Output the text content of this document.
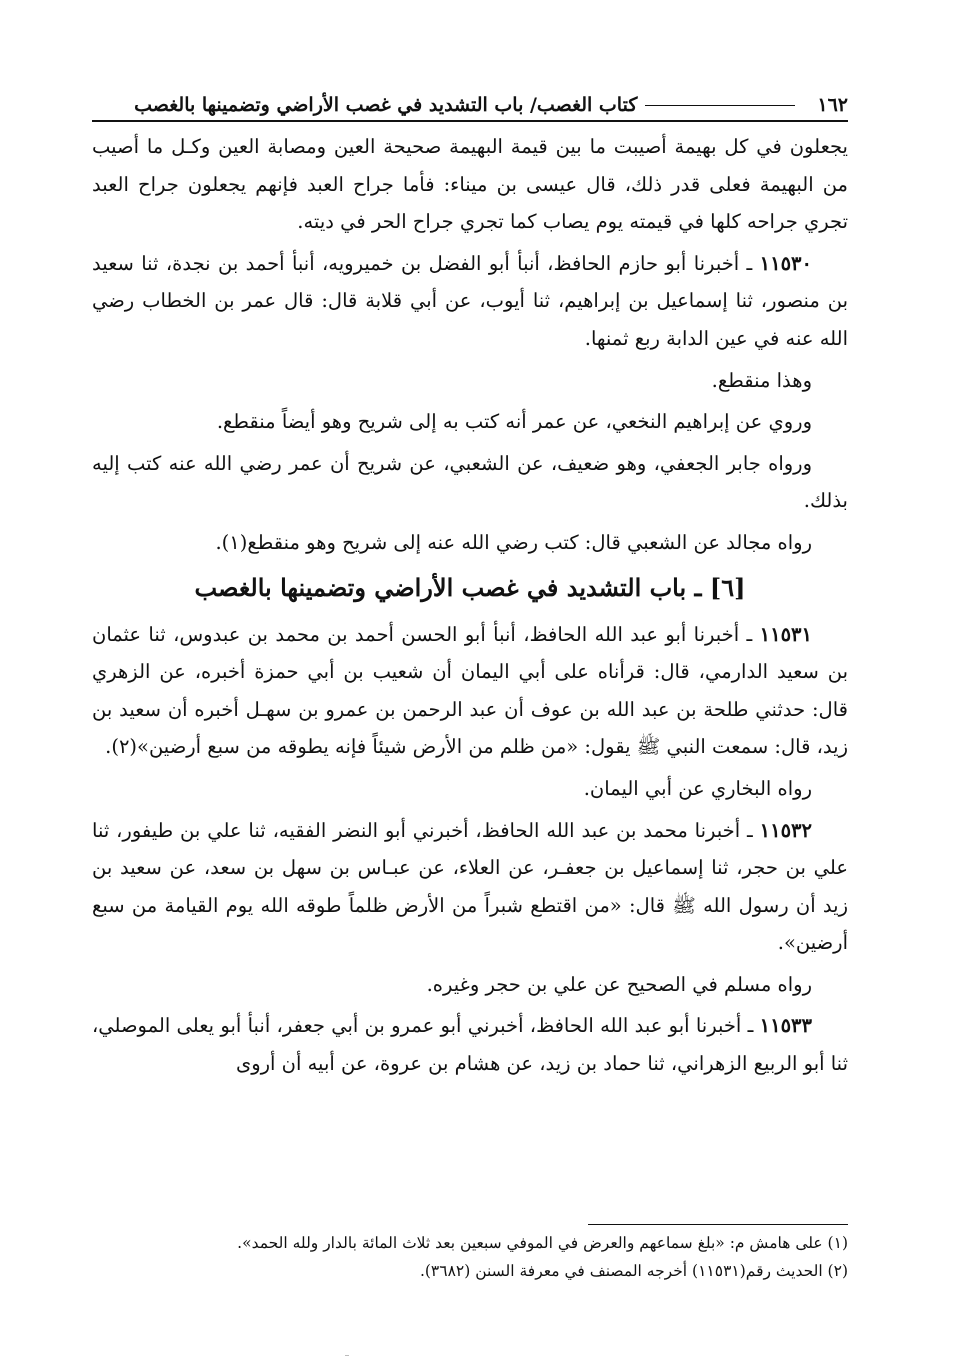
١٦٢
كتاب الغصب/ باب التشديد في غصب الأراضي وتضمينها بالغصب

يجعلون في كل بهيمة أصيبت ما بين قيمة البهيمة صحيحة العين ومصابة العين وكـل ما أصيب من البهيمة فعلى قدر ذلك، قال عيسى بن ميناء: فأما جراح العبد فإنهم يجعلون جراح العبد تجري جراحه كلها في قيمته يوم يصاب كما تجري جراح الحر في ديته.

١١٥٣٠ ـ أخبرنا أبو حازم الحافظ، أنبأ أبو الفضل بن خميرويه، أنبأ أحمد بن نجدة، ثنا سعيد بن منصور، ثنا إسماعيل بن إبراهيم، ثنا أيوب، عن أبي قلابة قال: قال عمر بن الخطاب رضي الله عنه في عين الدابة ربع ثمنها.

وهذا منقطع.

وروي عن إبراهيم النخعي، عن عمر أنه كتب به إلى شريح وهو أيضاً منقطع.

ورواه جابر الجعفي، وهو ضعيف، عن الشعبي، عن شريح أن عمر رضي الله عنه كتب إليه بذلك.

رواه مجالد عن الشعبي قال: كتب رضي الله عنه إلى شريح وهو منقطع(١).

[٦] ـ باب التشديد في غصب الأراضي وتضمينها بالغصب

١١٥٣١ ـ أخبرنا أبو عبد الله الحافظ، أنبأ أبو الحسن أحمد بن محمد بن عبدوس، ثنا عثمان بن سعيد الدارمي، قال: قرأناه على أبي اليمان أن شعيب بن أبي حمزة أخبره، عن الزهري قال: حدثني طلحة بن عبد الله بن عوف أن عبد الرحمن بن عمرو بن سهـل أخبره أن سعيد بن زيد، قال: سمعت النبي ﷺ يقول: «من ظلم من الأرض شيئاً فإنه يطوقه من سبع أرضين»(٢).

رواه البخاري عن أبي اليمان.

١١٥٣٢ ـ أخبرنا محمد بن عبد الله الحافظ، أخبرني أبو النضر الفقيه، ثنا علي بن طيفور، ثنا علي بن حجر، ثنا إسماعيل بن جعفـر، عن العلاء، عن عبـاس بن سهل بن سعد، عن سعيد بن زيد أن رسول الله ﷺ قال: «من اقتطع شبراً من الأرض ظلماً طوقه الله يوم القيامة من سبع أرضين».

رواه مسلم في الصحيح عن علي بن حجر وغيره.

١١٥٣٣ ـ أخبرنا أبو عبد الله الحافظ، أخبرني أبو عمرو بن أبي جعفر، أنبأ أبو يعلى الموصلي، ثنا أبو الربيع الزهراني، ثنا حماد بن زيد، عن هشام بن عروة، عن أبيه أن أروى

(١) على هامش م: «بلغ سماعهم والعرض في الموفي سبعين بعد ثلاث المائة بالدار ولله الحمد».

(٢) الحديث رقم(١١٥٣١) أخرجه المصنف في معرفة السنن (٣٦٨٢).
